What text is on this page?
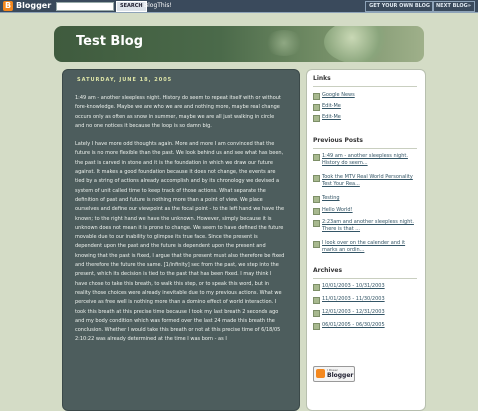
B
Blogger	SEARCH BlogThis!	GET YOUR OWN BLOG	NEXT BLOG»
Test Blog
SATURDAY, JUNE 18, 2005

1:49 am - another sleepless night. History do seem to repeat itself with or without fore-knowledge. Maybe we are who we are and nothing more, maybe real change occurs only as often as snow in summer, maybe we are all just walking in circle and no one notices it because the loop is so damn big.

Lately I have more odd thoughts again. More and more I am convinced that the future is no more flexible than the past. We look behind us and see what has been, the past is carved in stone and it is the foundation in which we draw our future against. It makes a good foundation because it does not change, the events are tied by a string of actions already accomplish and by its chronology we devised a system of unit called time to keep track of those actions. What separate the definition of past and future is nothing more than a point of view. We place ourselves and define our viewpoint as the focal point - to the left hand we have the known; to the right hand we have the unknown. However, simply because it is unknown does not mean it is prone to change. We seem to have defined the future movable due to our inability to glimpse its true face. Since the present is dependent upon the past and the future is dependent upon the present and knowing that the past is fixed, I argue that the present must also therefore be fixed and therefore the future the same. [1/infinity] sec from the past, we step into the present, which its decision is tied to the past that has been fixed. I may think I have chose to take this breath, to walk this step, or to speak this word, but in reality those choices were already inevitable due to my previous actions. What we perceive as free well is nothing more than a domino effect of world interaction. I took this breath at this precise time because I took my last breath 2 seconds ago and my body condition which was formed over the last 24 made this breath the conclusion. Whether I would take this breath or not at this precise time of 6/18/05 2:10:22 was already determined at the time I was born - as I

Links
Google News
Edit-Me
Edit-Me
Previous Posts
1:49 am - another sleepless night. History do seem...
Took the MTV Real World Personality Test Your Rea...
Testing
Hello World!
2:23am and another sleepless night. There is that ...
I look over on the calender and it marks an ordin...
Archives
10/01/2003 - 10/31/2003
11/01/2003 - 11/30/2003
12/01/2003 - 12/31/2003
06/01/2005 - 06/30/2005
I Power
Blogger
